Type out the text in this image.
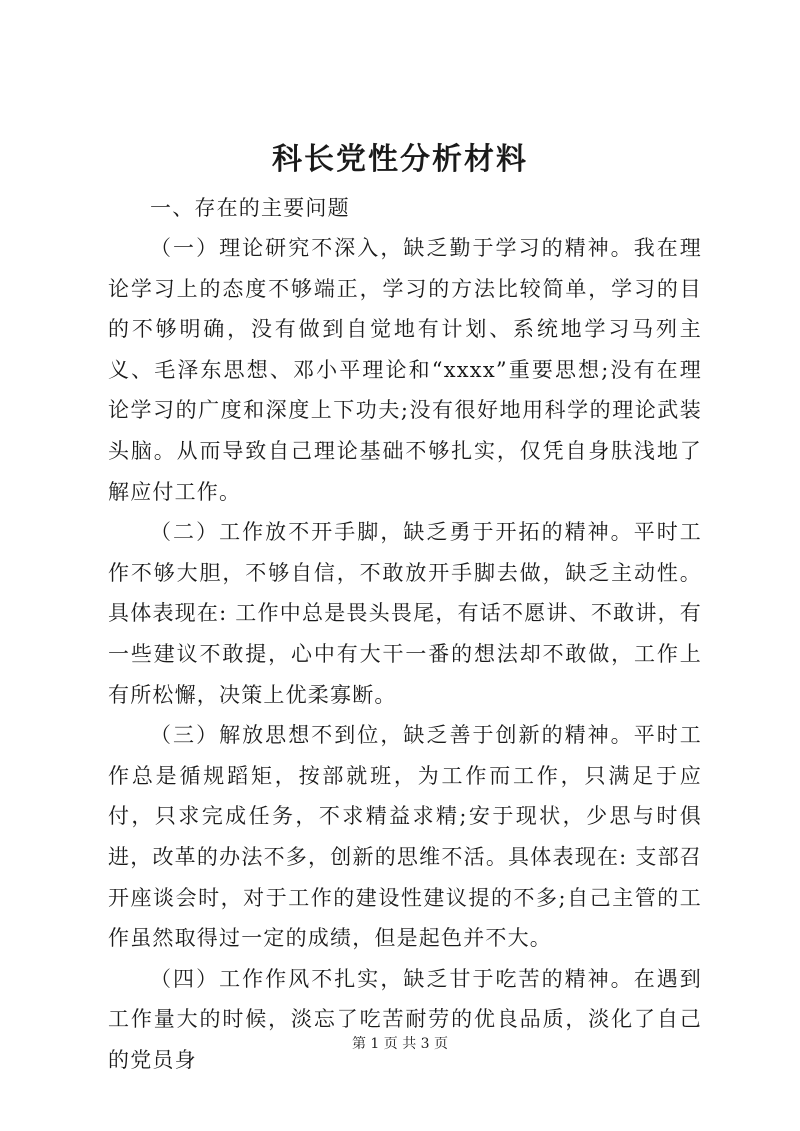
科长党性分析材料

一、存在的主要问题

（一）理论研究不深入，缺乏勤于学习的精神。我在理论学习上的态度不够端正，学习的方法比较简单，学习的目的不够明确，没有做到自觉地有计划、系统地学习马列主义、毛泽东思想、邓小平理论和“xxxx”重要思想;没有在理论学习的广度和深度上下功夫;没有很好地用科学的理论武装头脑。从而导致自己理论基础不够扎实，仅凭自身肤浅地了解应付工作。

（二）工作放不开手脚，缺乏勇于开拓的精神。平时工作不够大胆，不够自信，不敢放开手脚去做，缺乏主动性。具体表现在: 工作中总是畏头畏尾，有话不愿讲、不敢讲，有一些建议不敢提，心中有大干一番的想法却不敢做，工作上有所松懈，决策上优柔寡断。

（三）解放思想不到位，缺乏善于创新的精神。平时工作总是循规蹈矩，按部就班，为工作而工作，只满足于应付，只求完成任务，不求精益求精;安于现状，少思与时俱进，改革的办法不多，创新的思维不活。具体表现在: 支部召开座谈会时，对于工作的建设性建议提的不多;自己主管的工作虽然取得过一定的成绩，但是起色并不大。

（四）工作作风不扎实，缺乏甘于吃苦的精神。在遇到工作量大的时候，淡忘了吃苦耐劳的优良品质，淡化了自己的党员身

第 1 页 共 3 页
